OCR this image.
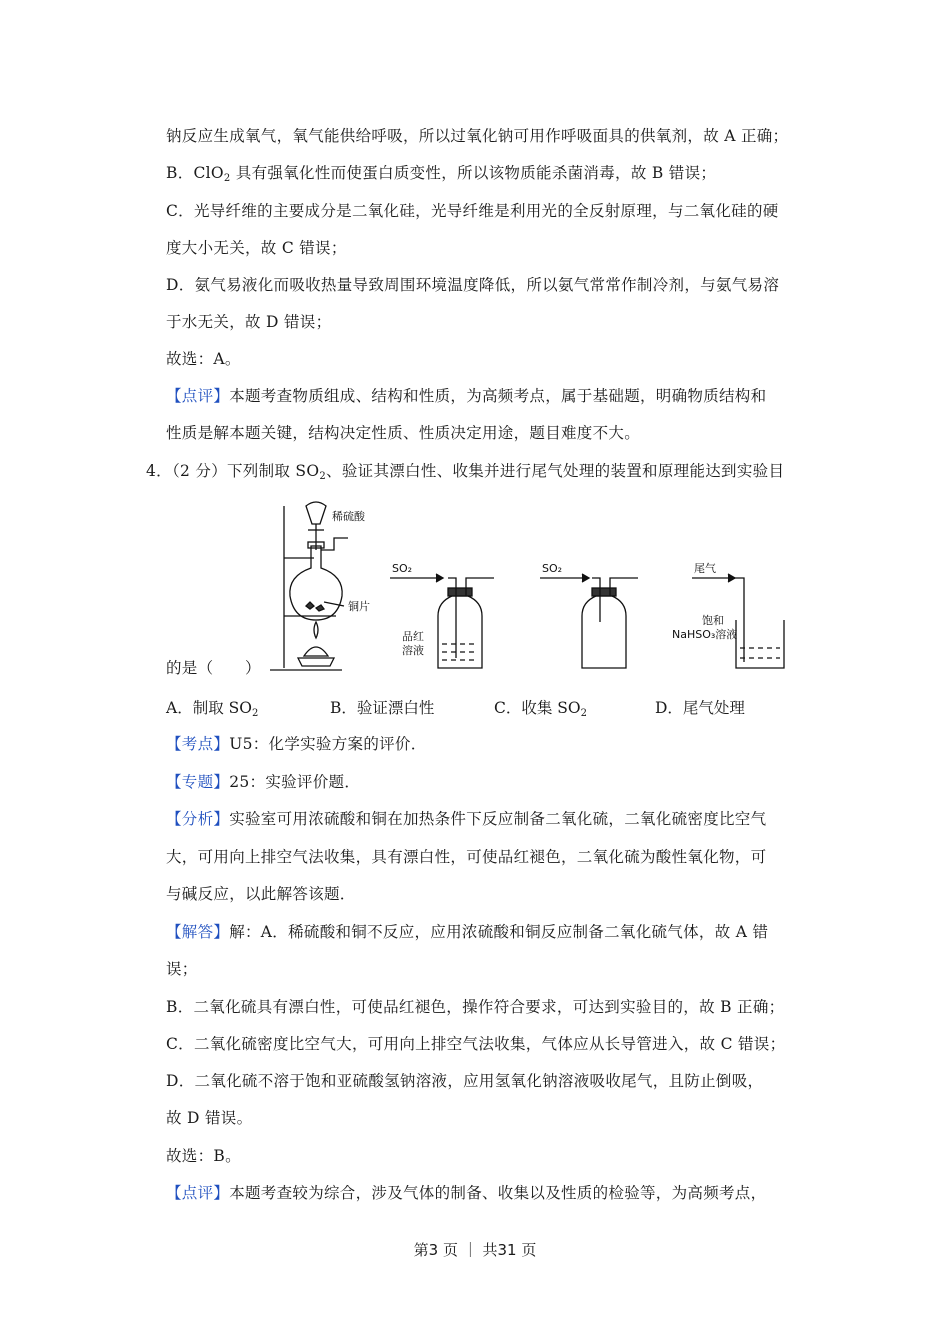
钠反应生成氧气，氧气能供给呼吸，所以过氧化钠可用作呼吸面具的供氧剂，故 A 正确；
B．ClO$_2$ 具有强氧化性而使蛋白质变性，所以该物质能杀菌消毒，故 B 错误；
C．光导纤维的主要成分是二氧化硅，光导纤维是利用光的全反射原理，与二氧化硅的硬
度大小无关，故 C 错误；
D．氨气易液化而吸收热量导致周围环境温度降低，所以氨气常常作制冷剂，与氨气易溶
于水无关，故 D 错误；
故选：A。
【点评】本题考查物质组成、结构和性质，为高频考点，属于基础题，明确物质结构和
性质是解本题关键，结构决定性质、性质决定用途，题目难度不大。
4．（2 分）下列制取 $SO_2$、验证其漂白性、收集并进行尾气处理的装置和原理能达到实验目
稀硫酸
铜片
SO₂
品红
溶液
SO₂	尾气
饱和
NaHSO₃溶液
的是（　　）
A．制取 $SO_2$	B．验证漂白性	C．收集 $SO_2$	D．尾气处理
【考点】U5：化学实验方案的评价．
【专题】25：实验评价题．
【分析】实验室可用浓硫酸和铜在加热条件下反应制备二氧化硫，二氧化硫密度比空气
大，可用向上排空气法收集，具有漂白性，可使品红褪色，二氧化硫为酸性氧化物，可
与碱反应，以此解答该题．
【解答】解：A．稀硫酸和铜不反应，应用浓硫酸和铜反应制备二氧化硫气体，故 A 错
误；
B．二氧化硫具有漂白性，可使品红褪色，操作符合要求，可达到实验目的，故 B 正确；
C．二氧化硫密度比空气大，可用向上排空气法收集，气体应从长导管进入，故 C 错误；
D．二氧化硫不溶于饱和亚硫酸氢钠溶液，应用氢氧化钠溶液吸收尾气，且防止倒吸，
故 D 错误。
故选：B。
【点评】本题考查较为综合，涉及气体的制备、收集以及性质的检验等，为高频考点，
第3 页 ｜ 共31 页
